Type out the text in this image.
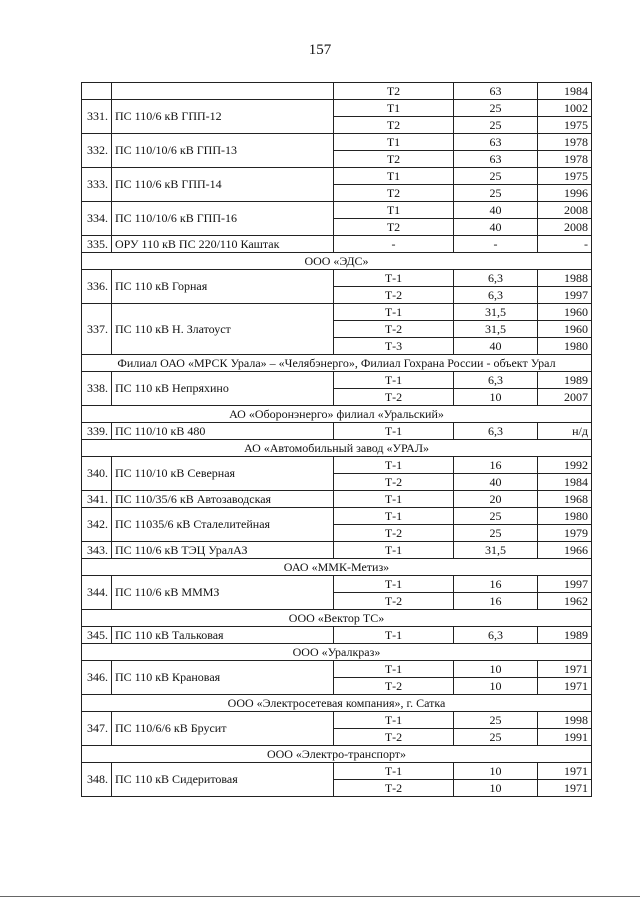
157
		Т2	63	1984
331.	ПС 110/6 кВ ГПП-12	Т1	25	1002
		Т2	25	1975
332.	ПС 110/10/6 кВ ГПП-13	Т1	63	1978
		Т2	63	1978
333.	ПС 110/6 кВ ГПП-14	Т1	25	1975
		Т2	25	1996
334.	ПС 110/10/6 кВ ГПП-16	Т1	40	2008
		Т2	40	2008
335.	ОРУ 110 кВ ПС 220/110 Каштак	-	-	-
ООО «ЭДС»				
336.	ПС 110 кВ Горная	Т-1	6,3	1988
		Т-2	6,3	1997
337.	ПС 110 кВ Н. Златоуст	Т-1	31,5	1960
		Т-2	31,5	1960
		Т-3	40	1980
Филиал ОАО «МРСК Урала» – «Челябэнерго», Филиал Гохрана России - объект Урал				
338.	ПС 110 кВ Непряхино	Т-1	6,3	1989
		Т-2	10	2007
АО «Оборонэнерго» филиал «Уральский»				
339.	ПС 110/10 кВ 480	Т-1	6,3	н/д
АО «Автомобильный завод «УРАЛ»				
340.	ПС 110/10 кВ Северная	Т-1	16	1992
		Т-2	40	1984
341.	ПС 110/35/6 кВ Автозаводская	Т-1	20	1968
342.	ПС 11035/6 кВ Сталелитейная	Т-1	25	1980
		Т-2	25	1979
343.	ПС 110/6 кВ ТЭЦ УралАЗ	Т-1	31,5	1966
ОАО «ММК-Метиз»				
344.	ПС 110/6 кВ МММЗ	Т-1	16	1997
		Т-2	16	1962
ООО «Вектор ТС»				
345.	ПС 110 кВ Тальковая	Т-1	6,3	1989
ООО «Уралкраз»				
346.	ПС 110 кВ Крановая	Т-1	10	1971
		Т-2	10	1971
ООО «Электросетевая компания», г. Сатка				
347.	ПС 110/6/6 кВ Брусит	Т-1	25	1998
		Т-2	25	1991
ООО «Электро-транспорт»				
348.	ПС 110 кВ Сидеритовая	Т-1	10	1971
		Т-2	10	1971
